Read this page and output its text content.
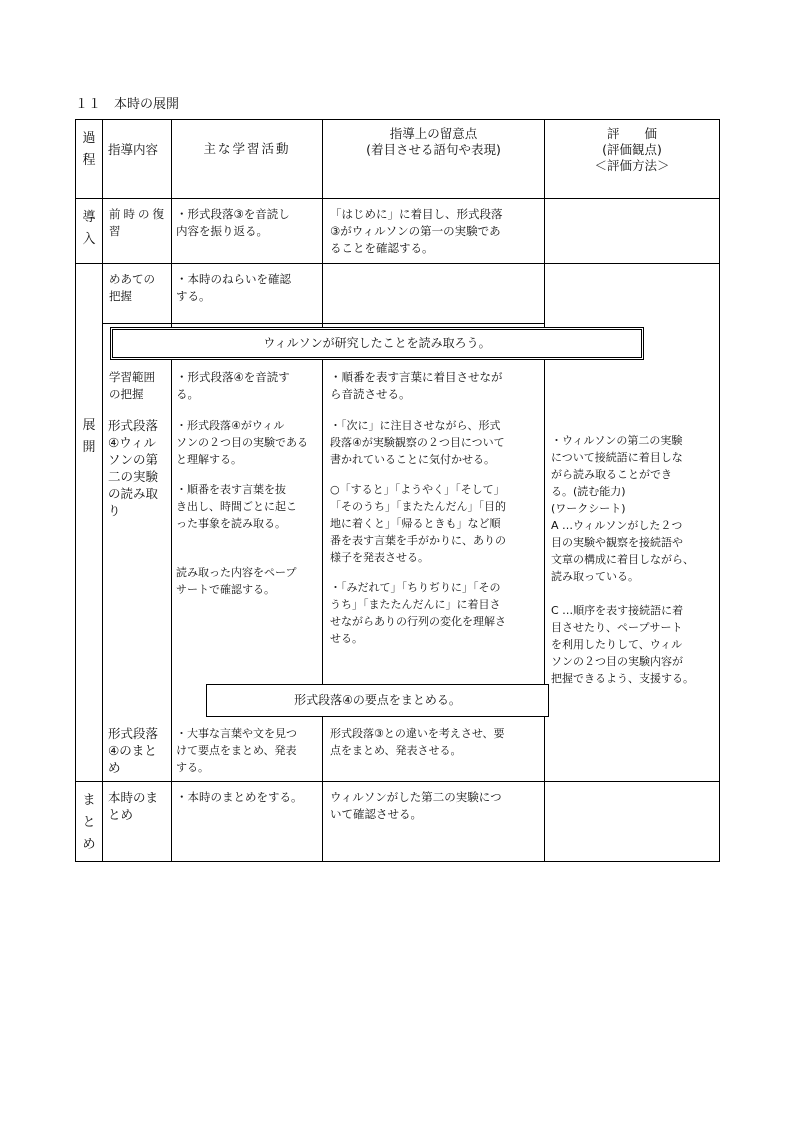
１１　本時の展開
過
程
指導内容	主な学習活動
指導上の留意点
(着目させる語句や表現)
評　　価
(評価観点)
＜評価方法＞
導
入
展
開
ま
と
め
前時の復
習
・形式段落③を音読し
内容を振り返る。
「はじめに」に着目し、形式段落
③がウィルソンの第一の実験であ
ることを確認する。
めあての
把握
・本時のねらいを確認
する。
ウィルソンが研究したことを読み取ろう。
学習範囲
の把握
・形式段落④を音読す
る。
・順番を表す言葉に着目させなが
ら音読させる。
形式段落
④ウィル
ソンの第
二の実験
の読み取
り
・形式段落④がウィル
ソンの２つ目の実験である
と理解する。
・順番を表す言葉を抜
き出し、時間ごとに起こ
った事象を読み取る。
読み取った内容をペープ
サートで確認する。
・「次に」に注目させながら、形式
段落④が実験観察の２つ目について
書かれていることに気付かせる。
○「すると」「ようやく」「そして」
「そのうち」「またたんだん」「目的
地に着くと」「帰るときも」など順
番を表す言葉を手がかりに、ありの
様子を発表させる。
・「みだれて」「ちりぢりに」「その
うち」「またたんだんに」に着目さ
せながらありの行列の変化を理解さ
せる。
・ウィルソンの第二の実験
について接続語に着目しな
がら読み取ることができ
る。(読む能力)
(ワークシート)
A …ウィルソンがした２つ
目の実験や観察を接続語や
文章の構成に着目しながら、
読み取っている。

C …順序を表す接続語に着
目させたり、ペープサート
を利用したりして、ウィル
ソンの２つ目の実験内容が
把握できるよう、支援する。
形式段落④の要点をまとめる。
形式段落
④のまと
め
・大事な言葉や文を見つ
けて要点をまとめ、発表
する。
形式段落③との違いを考えさせ、要
点をまとめ、発表させる。
本時のま
とめ
・本時のまとめをする。 ウィルソンがした第二の実験につ
いて確認させる。
